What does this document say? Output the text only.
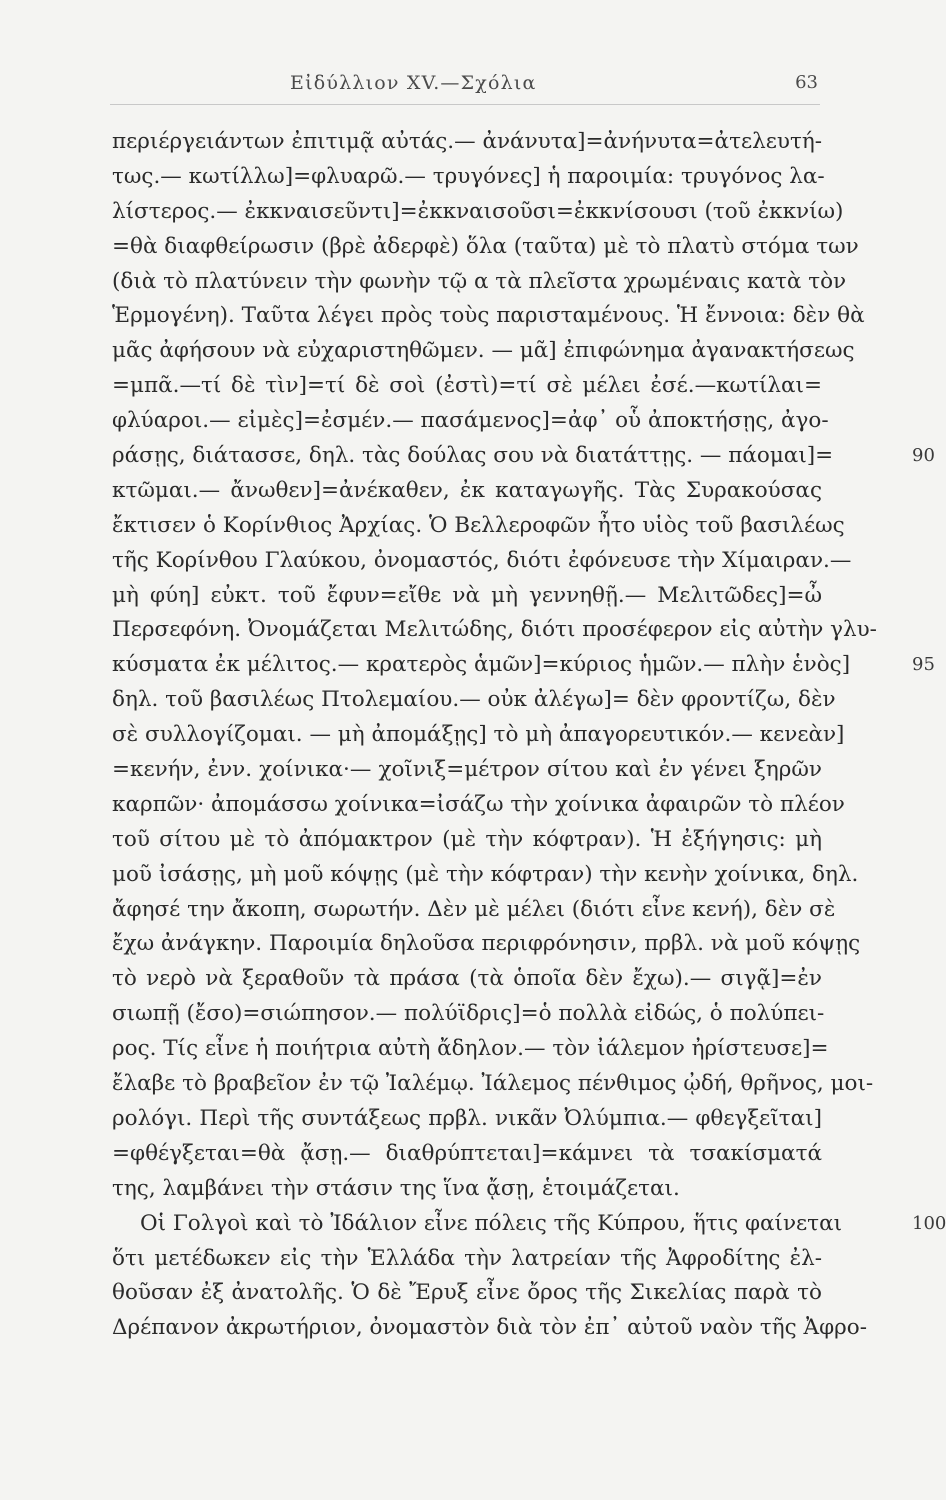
Εἰδύλλιον XV.—Σχόλια	63
περιέργειάντων ἐπιτιμᾷ αὐτάς.— ἀνάνυτα]=ἀνήνυτα=ἀτελευτή-
τως.— κωτίλλω]=φλυαρῶ.— τρυγόνες] ἡ παροιμία: τρυγόνος λα-
λίστερος.— ἐκκναισεῦντι]=ἐκκναισοῦσι=ἐκκνίσουσι (τοῦ ἐκκνίω)
=θὰ διαφθείρωσιν (βρὲ ἀδερφὲ) ὅλα (ταῦτα) μὲ τὸ πλατὺ στόμα των
(διὰ τὸ πλατύνειν τὴν φωνὴν τῷ α τὰ πλεῖστα χρωμέναις κατὰ τὸν
Ἑρμογένη). Ταῦτα λέγει πρὸς τοὺς παρισταμένους. Ἡ ἔννοια: δὲν θὰ
μᾶς ἀφήσουν νὰ εὐχαριστηθῶμεν. — μᾶ] ἐπιφώνημα ἀγανακτήσεως
=μπᾶ.—τί δὲ τὶν]=τί δὲ σοὶ (ἐστὶ)=τί σὲ μέλει ἐσέ.—κωτίλαι=
φλύαροι.— εἰμὲς]=ἐσμέν.— πασάμενος]=ἀφ᾽ οὗ ἀποκτήσῃς, ἀγο-
ράσῃς, διάτασσε, δηλ. τὰς δούλας σου νὰ διατάττῃς. — πάομαι]=	90
κτῶμαι.— ἄνωθεν]=ἀνέκαθεν, ἐκ καταγωγῆς. Τὰς Συρακούσας
ἔκτισεν ὁ Κορίνθιος Ἀρχίας. Ὁ Βελλεροφῶν ἦτο υἱὸς τοῦ βασιλέως
τῆς Κορίνθου Γλαύκου, ὀνομαστός, διότι ἐφόνευσε τὴν Χίμαιραν.—
μὴ φύη] εὐκτ. τοῦ ἔφυν=εἴθε νὰ μὴ γεννηθῇ.— Μελιτῶδες]=ὦ
Περσεφόνη. Ὀνομάζεται Μελιτώδης, διότι προσέφερον εἰς αὐτὴν γλυ-
κύσματα ἐκ μέλιτος.— κρατερὸς ἁμῶν]=κύριος ἡμῶν.— πλὴν ἑνὸς]	95
δηλ. τοῦ βασιλέως Πτολεμαίου.— οὐκ ἀλέγω]= δὲν φροντίζω, δὲν
σὲ συλλογίζομαι. — μὴ ἀπομάξῃς] τὸ μὴ ἀπαγορευτικόν.— κενεὰν]
=κενήν, ἐνν. χοίνικα·— χοῖνιξ=μέτρον σίτου καὶ ἐν γένει ξηρῶν
καρπῶν· ἀπομάσσω χοίνικα=ἰσάζω τὴν χοίνικα ἀφαιρῶν τὸ πλέον
τοῦ σίτου μὲ τὸ ἀπόμακτρον (μὲ τὴν κόφτραν). Ἡ ἐξήγησις: μὴ
μοῦ ἰσάσῃς, μὴ μοῦ κόψῃς (μὲ τὴν κόφτραν) τὴν κενὴν χοίνικα, δηλ.
ἄφησέ την ἄκοπη, σωρωτήν. Δὲν μὲ μέλει (διότι εἶνε κενή), δὲν σὲ
ἔχω ἀνάγκην. Παροιμία δηλοῦσα περιφρόνησιν, πρβλ. νὰ μοῦ κόψῃς
τὸ νερὸ νὰ ξεραθοῦν τὰ πράσα (τὰ ὁποῖα δὲν ἔχω).— σιγᾷ]=ἐν
σιωπῇ (ἔσο)=σιώπησον.— πολύϊδρις]=ὁ πολλὰ εἰδώς, ὁ πολύπει-
ρος. Τίς εἶνε ἡ ποιήτρια αὐτὴ ἄδηλον.— τὸν ἰάλεμον ἠρίστευσε]=
ἔλαβε τὸ βραβεῖον ἐν τῷ Ἰαλέμῳ. Ἰάλεμος πένθιμος ᾠδή, θρῆνος, μοι-
ρολόγι. Περὶ τῆς συντάξεως πρβλ. νικᾶν Ὀλύμπια.— φθεγξεῖται]
=φθέγξεται=θὰ ᾄσῃ.— διαθρύπτεται]=κάμνει τὰ τσακίσματά
της, λαμβάνει τὴν στάσιν της ἵνα ᾄσῃ, ἑτοιμάζεται.
Οἱ Γολγοὶ καὶ τὸ Ἰδάλιον εἶνε πόλεις τῆς Κύπρου, ἥτις φαίνεται	100
ὅτι μετέδωκεν εἰς τὴν Ἑλλάδα τὴν λατρείαν τῆς Ἀφροδίτης ἐλ-
θοῦσαν ἐξ ἀνατολῆς. Ὁ δὲ Ἔρυξ εἶνε ὄρος τῆς Σικελίας παρὰ τὸ
Δρέπανον ἀκρωτήριον, ὀνομαστὸν διὰ τὸν ἐπ᾽ αὐτοῦ ναὸν τῆς Ἀφρο-
